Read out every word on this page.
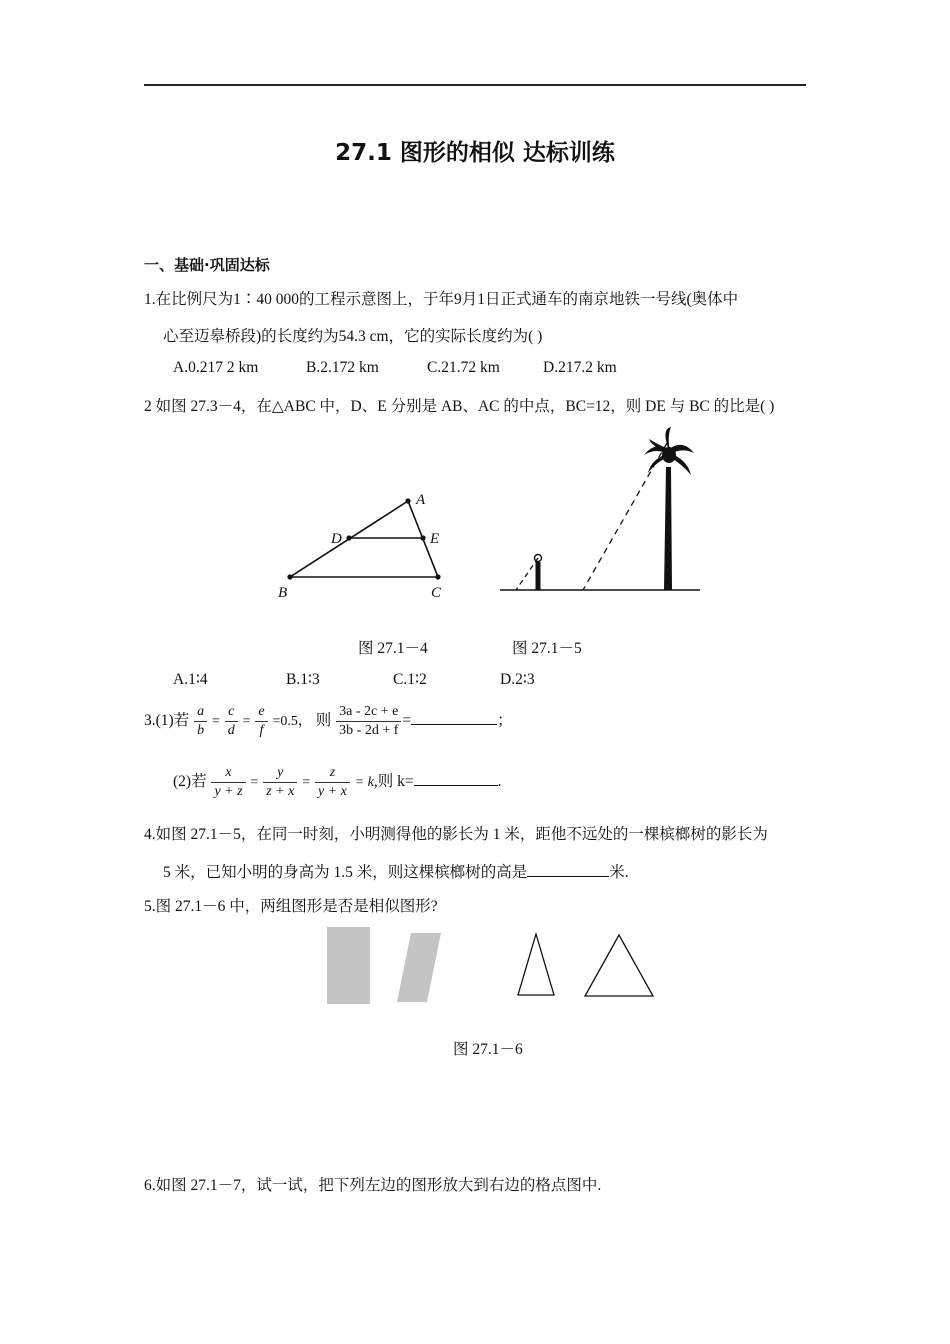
27.1 图形的相似 达标训练
一、基础·巩固达标
1.在比例尺为1∶40 000的工程示意图上，于年9月1日正式通车的南京地铁一号线(奥体中
心至迈皋桥段)的长度约为54.3 cm，它的实际长度约为( )
A.0.217 2 km	B.2.172 km	C.21.72 km	D.217.2 km
2 如图 27.3－4，在△ABC 中，D、E 分别是 AB、AC 的中点，BC=12，则 DE 与 BC 的比是( )
A
B	C
D	E
图 27.1－4	图 27.1－5
A.1∶4	B.1∶3	C.1∶2	D.2∶3
3.(1)若 $\frac{a}{b} = \frac{c}{d} = \frac{e}{f} =0.5$， 则 $\frac{3a - 2c + e}{3b - 2d + f}$ =	；
(2)若 $\frac{x}{y + z} = \frac{y}{z + x} = \frac{z}{y + x} = k$,则 k=	.
4.如图 27.1－5，在同一时刻，小明测得他的影长为 1 米，距他不远处的一棵槟榔树的影长为
5 米，已知小明的身高为 1.5 米，则这棵槟榔树的高是	米.
5.图 27.1－6 中，两组图形是否是相似图形?
图 27.1－6
6.如图 27.1－7，试一试，把下列左边的图形放大到右边的格点图中.
